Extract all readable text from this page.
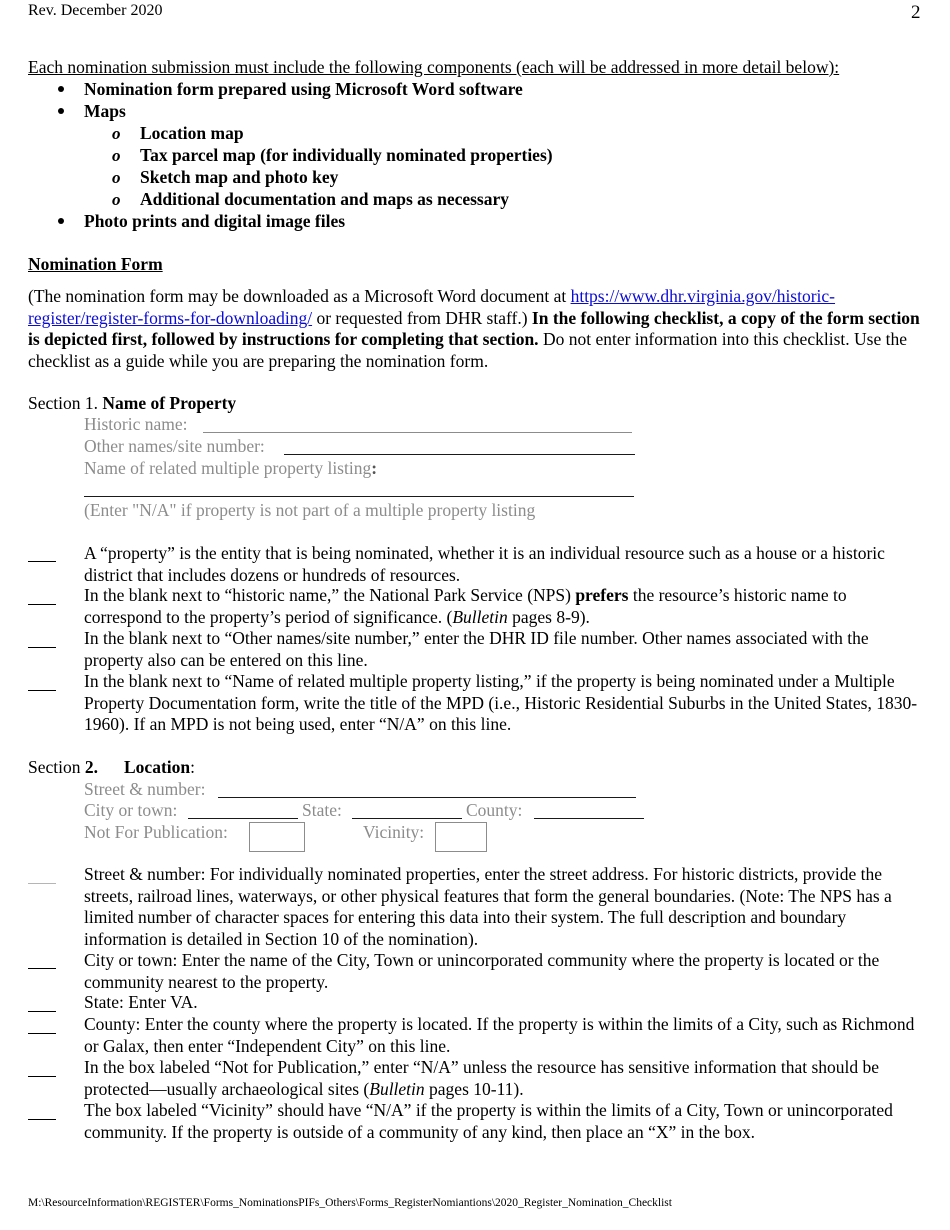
Rev. December 2020	2
Each nomination submission must include the following components (each will be addressed in more detail below):
Nomination form prepared using Microsoft Word software
Maps
o Location map
o Tax parcel map (for individually nominated properties)
o Sketch map and photo key
o Additional documentation and maps as necessary
Photo prints and digital image files
Nomination Form
(The nomination form may be downloaded as a Microsoft Word document at https://www.dhr.virginia.gov/historic-register/register-forms-for-downloading/ or requested from DHR staff.) In the following checklist, a copy of the form section is depicted first, followed by instructions for completing that section. Do not enter information into this checklist. Use the checklist as a guide while you are preparing the nomination form.
Section 1. Name of Property
Historic name:
Other names/site number:
Name of related multiple property listing:
(Enter "N/A" if property is not part of a multiple property listing
A “property” is the entity that is being nominated, whether it is an individual resource such as a house or a historic district that includes dozens or hundreds of resources.
In the blank next to “historic name,” the National Park Service (NPS) prefers the resource’s historic name to correspond to the property’s period of significance. (Bulletin pages 8-9).
In the blank next to “Other names/site number,” enter the DHR ID file number. Other names associated with the property also can be entered on this line.
In the blank next to “Name of related multiple property listing,” if the property is being nominated under a Multiple Property Documentation form, write the title of the MPD (i.e., Historic Residential Suburbs in the United States, 1830-1960). If an MPD is not being used, enter “N/A” on this line.
Section 2. Location:
Street & number:
City or town:	State:	County:
Not For Publication:	Vicinity:
Street & number: For individually nominated properties, enter the street address. For historic districts, provide the streets, railroad lines, waterways, or other physical features that form the general boundaries. (Note: The NPS has a limited number of character spaces for entering this data into their system. The full description and boundary information is detailed in Section 10 of the nomination).
City or town: Enter the name of the City, Town or unincorporated community where the property is located or the community nearest to the property.
State: Enter VA.
County: Enter the county where the property is located. If the property is within the limits of a City, such as Richmond or Galax, then enter “Independent City” on this line.
In the box labeled “Not for Publication,” enter “N/A” unless the resource has sensitive information that should be protected—usually archaeological sites (Bulletin pages 10-11).
The box labeled “Vicinity” should have “N/A” if the property is within the limits of a City, Town or unincorporated community. If the property is outside of a community of any kind, then place an “X” in the box.
M:\ResourceInformation\REGISTER\Forms_NominationsPIFs_Others\Forms_RegisterNomiantions\2020_Register_Nomination_Checklist
